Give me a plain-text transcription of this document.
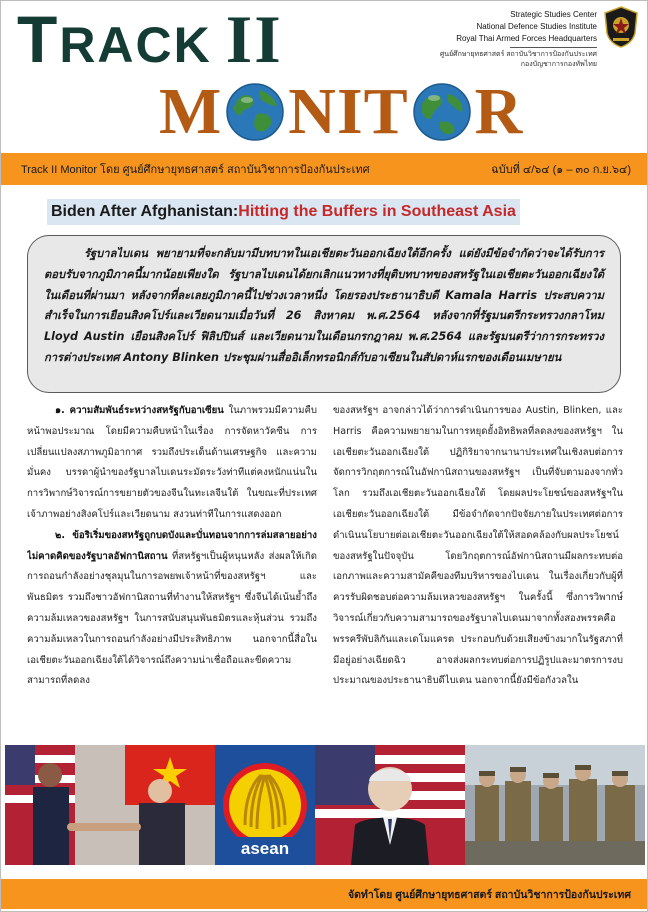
TRACK II
M NIT R
Strategic Studies Center
National Defence Studies Institute
Royal Thai Armed Forces Headquarters
ศูนย์ศึกษายุทธศาสตร์ สถาบันวิชาการป้องกันประเทศ
กองบัญชาการกองทัพไทย
Track II Monitor โดย ศูนย์ศึกษายุทธศาสตร์ สถาบันวิชาการป้องกันประเทศ	ฉบับที่ ๔/๖๔ (๑ – ๓๐ ก.ย.๖๔)
Biden After Afghanistan: Hitting the Buffers in Southeast Asia

รัฐบาลไบเดน พยายามที่จะกลับมามีบทบาทในเอเชียตะวันออกเฉียงใต้อีกครั้ง แต่ยังมีข้อจำกัดว่าจะได้รับการตอบรับจากภูมิภาคนี้มากน้อยเพียงใด รัฐบาลไบเดนได้ยกเลิกแนวทางที่ยุติบทบาทของสหรัฐในเอเชียตะวันออกเฉียงใต้ในเดือนที่ผ่านมา หลังจากที่ละเลยภูมิภาคนี้ไปช่วงเวลาหนึ่ง โดยรองประธานาธิบดี Kamala Harris ประสบความสำเร็จในการเยือนสิงคโปร์และเวียดนามเมื่อวันที่ 26 สิงหาคม พ.ศ.2564 หลังจากที่รัฐมนตรีกระทรวงกลาโหม Lloyd Austin เยือนสิงคโปร์ ฟิลิปปินส์ และเวียดนามในเดือนกรกฎาคม พ.ศ.2564 และรัฐมนตรีว่าการกระทรวงการต่างประเทศ Antony Blinken ประชุมผ่านสื่ออิเล็กทรอนิกส์กับอาเซียนในสัปดาห์แรกของเดือนเมษายน

๑. ความสัมพันธ์ระหว่างสหรัฐกับอาเซียน ในภาพรวมมีความคืบหน้าพอประมาณ โดยมีความคืบหน้าในเรื่อง การจัดหาวัคซีน การเปลี่ยนแปลงสภาพภูมิอากาศ รวมถึงประเด็นด้านเศรษฐกิจ และความมั่นคง บรรดาผู้นำของรัฐบาลไบเดนระมัดระวังท่าทีแต่คงหนักแน่นในการวิพากษ์วิจารณ์การขยายตัวของจีนในทะเลจีนใต้ ในขณะที่ประเทศเจ้าภาพอย่างสิงคโปร์และเวียดนาม สงวนท่าทีในการแสดงออก

๒. ข้อริเริ่มของสหรัฐถูกบดบังและบั่นทอนจากการล่มสลายอย่างไม่คาดคิดของรัฐบาลอัฟกานิสถาน ที่สหรัฐฯเป็นผู้หนุนหลัง ส่งผลให้เกิดการถอนกำลังอย่างชุลมุนในการอพยพเจ้าหน้าที่ของสหรัฐฯ และพันธมิตร รวมถึงชาวอัฟกานิสถานที่ทำงานให้สหรัฐฯ ซึ่งจีนได้เน้นย้ำถึงความล้มเหลวของสหรัฐฯ ในการสนับสนุนพันธมิตรและหุ้นส่วน รวมถึงความล้มเหลวในการถอนกำลังอย่างมีประสิทธิภาพ นอกจากนี้สื่อในเอเชียตะวันออกเฉียงใต้ได้วิจารณ์ถึงความน่าเชื่อถือและขีดความสามารถที่ลดลง

ของสหรัฐฯ อาจกล่าวได้ว่าการดำเนินการของ Austin, Blinken, และ Harris คือความพยายามในการหยุดยั้งอิทธิพลที่ลดลงของสหรัฐฯ ในเอเชียตะวันออกเฉียงใต้ ปฏิกิริยาจากนานาประเทศในเชิงลบต่อการจัดการวิกฤตการณ์ในอัฟกานิสถานของสหรัฐฯ เป็นที่จับตามองจากทั่วโลก รวมถึงเอเชียตะวันออกเฉียงใต้ โดยผลประโยชน์ของสหรัฐฯในเอเชียตะวันออกเฉียงใต้ มีข้อจำกัดจากปัจจัยภายในประเทศต่อการดำเนินนโยบายต่อเอเชียตะวันออกเฉียงใต้ให้สอดคล้องกับผลประโยชน์ของสหรัฐในปัจจุบัน โดยวิกฤตการณ์อัฟกานิสถานมีผลกระทบต่อเอกภาพและความสามัคคีของทีมบริหารของไบเดน ในเรื่องเกี่ยวกับผู้ที่ควรรับผิดชอบต่อความล้มเหลวของสหรัฐฯ ในครั้งนี้ ซึ่งการวิพากษ์วิจารณ์เกี่ยวกับความสามารถของรัฐบาลไบเดนมาจากทั้งสองพรรคคือพรรครีพับลิกันและเดโมแครต ประกอบกับด้วยเสียงข้างมากในรัฐสภาที่มีอยู่อย่างเฉียดฉิว อาจส่งผลกระทบต่อการปฏิรูปและมาตรการงบประมาณของประธานาธิบดีไบเดน นอกจากนี้ยังมีข้อกังวลใน

asean
จัดทำโดย ศูนย์ศึกษายุทธศาสตร์ สถาบันวิชาการป้องกันประเทศ
